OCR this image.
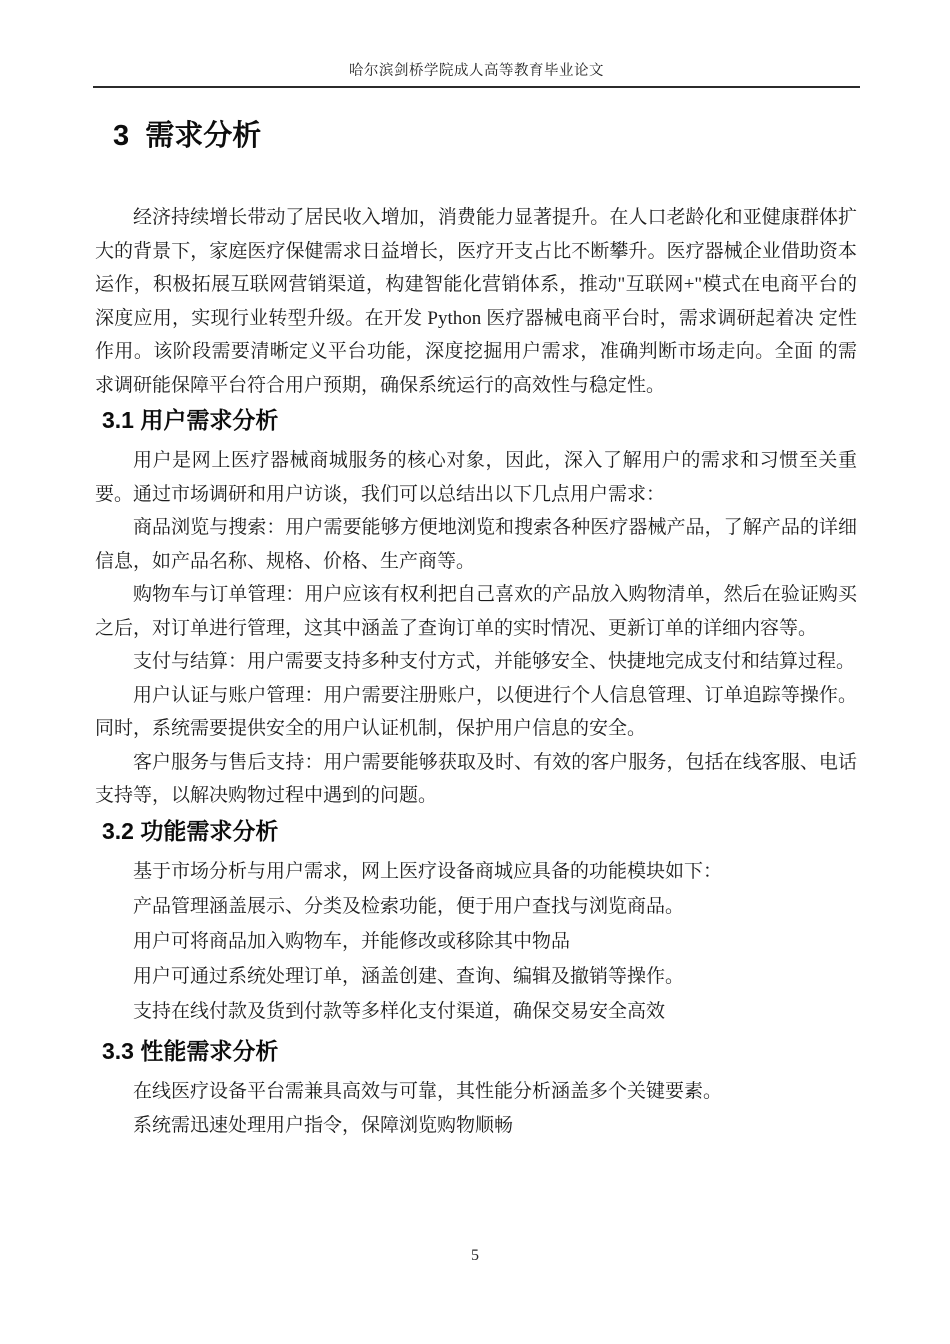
哈尔滨剑桥学院成人高等教育毕业论文
3  需求分析

经济持续增长带动了居民收入增加，消费能力显著提升。在人口老龄化和亚健康群体扩大的背景下，家庭医疗保健需求日益增长，医疗开支占比不断攀升。医疗器械企业借助资本运作，积极拓展互联网营销渠道，构建智能化营销体系，推动"互联网+"模式在电商平台的深度应用，实现行业转型升级。在开发 Python 医疗器械电商平台时，需求调研起着决 定性作用。该阶段需要清晰定义平台功能，深度挖掘用户需求，准确判断市场走向。全面 的需求调研能保障平台符合用户预期，确保系统运行的高效性与稳定性。

3.1 用户需求分析

用户是网上医疗器械商城服务的核心对象，因此，深入了解用户的需求和习惯至关重要。通过市场调研和用户访谈，我们可以总结出以下几点用户需求：

商品浏览与搜索：用户需要能够方便地浏览和搜索各种医疗器械产品，了解产品的详细信息，如产品名称、规格、价格、生产商等。

购物车与订单管理：用户应该有权利把自己喜欢的产品放入购物清单，然后在验证购买之后，对订单进行管理，这其中涵盖了查询订单的实时情况、更新订单的详细内容等。

支付与结算：用户需要支持多种支付方式，并能够安全、快捷地完成支付和结算过程。

用户认证与账户管理：用户需要注册账户，以便进行个人信息管理、订单追踪等操作。同时，系统需要提供安全的用户认证机制，保护用户信息的安全。

客户服务与售后支持：用户需要能够获取及时、有效的客户服务，包括在线客服、电话支持等，以解决购物过程中遇到的问题。

3.2 功能需求分析

基于市场分析与用户需求，网上医疗设备商城应具备的功能模块如下：

产品管理涵盖展示、分类及检索功能，便于用户查找与浏览商品。

用户可将商品加入购物车，并能修改或移除其中物品

用户可通过系统处理订单，涵盖创建、查询、编辑及撤销等操作。

支持在线付款及货到付款等多样化支付渠道，确保交易安全高效

3.3 性能需求分析

在线医疗设备平台需兼具高效与可靠，其性能分析涵盖多个关键要素。

系统需迅速处理用户指令，保障浏览购物顺畅

5
